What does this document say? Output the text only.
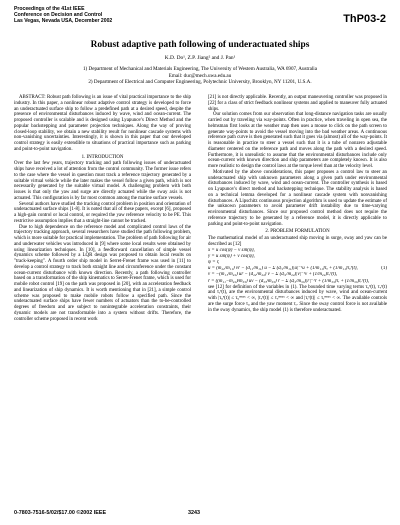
Proceedings of the 41st IEEE
Conference on Decision and Control
Las Vegas, Nevada USA, December 2002	ThP03-2
Robust adaptive path following of underactuated ships
K.D. Do¹, Z.P. Jiang² and J. Pan¹
1) Department of Mechanical and Materials Engineering, The University of Western Australia, WA 6907, Australia
Email: duc@mech.uwa.edu.au
2) Department of Electrical and Computer Engineering, Polytechnic University, Brooklyn, NY 11201, U.S.A.

ABSTRACT: Robust path following is an issue of vital practical importance to the ship industry. In this paper, a nonlinear robust adaptive control strategy is developed to force an underactuated surface ship to follow a predefined path at a desired speed, despite the presence of environmental disturbances induced by wave, wind and ocean-current. The proposed controller is scalable and is designed using Lyapunov's Direct Method and the popular backstepping and parameter projection techniques. Along the way of proving closed-loop stability, we obtain a new stability result for nonlinear cascade systems with non-vanishing uncertainties. Interestingly, it is shown in this paper that our developed control strategy is easily extendible to situations of practical importance such as parking and point-to-point navigation.

1. INTRODUCTION

Over the last few years, trajectory tracking and path following issues of underactuated ships have received a lot of attention from the control community. The former issue refers to the case where the vessel in question must track a reference trajectory generated by a suitable virtual vehicle while the later makes the vessel follow a given path, which is not necessarily generated by the suitable virtual model. A challenging problem with both issues is that only the yaw and surge are directly actuated while the sway axis is not actuated. This configuration is by far most common among the marine surface vessels.

Several authors have studied the tracking control problem in position and orientation of underactuated surface ships [1-8]. It is noted that all of these papers, except [6], proposed a high-gain control or local control, or required the yaw reference velocity to be PE. This restrictive assumption implies that a straight-line cannot be tracked.

Due to high dependence on the reference model and complicated control laws of the trajectory tracking approach, several researchers have studied the path following problem, which is more suitable for practical implementation. The problem of path following for air and underwater vehicles was introduced in [9] where some local results were obtained by using linearization techniques. In [10], a feedforward cancellation of simple vessel dynamics scheme followed by a LQR design was proposed to obtain local results on "track-keeping". A fourth order ship model in Serret-Frenet frame was used in [11] to develop a control strategy to track both straight line and circumference under the constant ocean-current disturbance with known direction. Recently, a path following controller based on a transformation of the ship kinematics to Serret-Frenet frame, which is used for mobile robot control [19] on the path was proposed in [20], with an acceleration feedback and linearization of ship dynamics. It is worth mentioning that in [21], a simple control scheme was proposed to make mobile robots follow a specified path. Since the underactuated surface ships have fewer numbers of actuators than the to-be-controlled degrees of freedom and are subject to nonintegrable acceleration constraints, their dynamic models are not transformable into a system without drifts. Therefore, the controller scheme proposed in recent work

[21] is not directly applicable. Recently, an output maneuvering controller was proposed in [22] for a class of strict feedback nonlinear systems and applied to maneuver fully actuated ships.

Our solution comes from our observation that long-distance navigation tasks are usually carried out by traveling via way-points. Often in practice, when traveling in open sea, the helmsman first looks at the weather map then uses a mouse to click on the path screen to generate way-points to avoid the vessel moving into the bad weather areas. A continuous reference path curve is then generated such that it goes via (almost) all of the way-points. It is reasonable in practice to steer a vessel such that it is a tube of nonzero adjustable diameter centered on the reference path and moves along the path with a desired speed. Furthermore, it is unrealistic to assume that the environmental disturbances include only ocean-current with known direction and ship parameters are completely known. It is also more realistic to design the control laws at the torque level than at the velocity level.

Motivated by the above considerations, this paper proposes a control law to steer an underactuated ship with unknown parameters along a given path under environmental disturbances induced by wave, wind and ocean-current. The controller synthesis is based on Lyapunov's direct method and backstepping technique. The stability analysis is based on a technical lemma developed for a nonlinear cascade system with nonvanishing disturbances. A Lipschitz continuous projection algorithm is used to update the estimate of the unknown parameters to avoid parameter drift instability due to time-varying environmental disturbances. Since our proposed control method does not require the reference trajectory to be generated by a reference model, it is directly applicable to parking and point-to-point navigation.

2. PROBLEM FORMULATION

The mathematical model of an underactuated ship moving in surge, sway and yaw can be described as [12]

ẋ = u cos(ψ) − v sin(ψ),
ẏ = u sin(ψ) + v cos(ψ),
ψ̇ = r,
u̇ = (m₂₂/m₁₁) vr − (d₁₁/m₁₁) u − Σ (dᵢ₁/m₁₁)|u|⁻¹u + (1/m₁₁)τᵤ + (1/m₁₁)τᵤᵉ(t),	(1)
v̇ = −(m₁₁/m₂₂) ur − (d₂₂/m₂₂) v − Σ (dᵢ₂/m₂₂)|v|⁻¹v + (1/m₂₂)τᵥᵉ(t),
ṙ = ((m₁₁−m₂₂)/m₃₃) uv − (d₃₃/m₃₃) r − Σ (dᵢ₃/m₃₃)|r|⁻¹r + (1/m₃₃)τᵣ + (1/m₃₃)τᵣᵉ(t),

see [12] for definition of the variables in (1). The bounded time varying terms τᵤᵉ(t), τᵥᵉ(t) and τᵣᵉ(t), are the environmental disturbances induced by wave, wind and ocean-current with |τᵤᵉ(t)| ≤ τᵤᵉᵐᵃˣ < ∞, |τᵥᵉ(t)| ≤ τᵥᵉᵐᵃˣ < ∞ and |τᵣᵉ(t)| ≤ τᵣᵉᵐᵃˣ < ∞. The available controls are the surge force τᵤ and the yaw moment τᵣ. Since the sway control force is not available in the sway dynamics, the ship model (1) is therefore underactuated.

0-7803-7516-5/02/$17.00 ©2002 IEEE	3243
